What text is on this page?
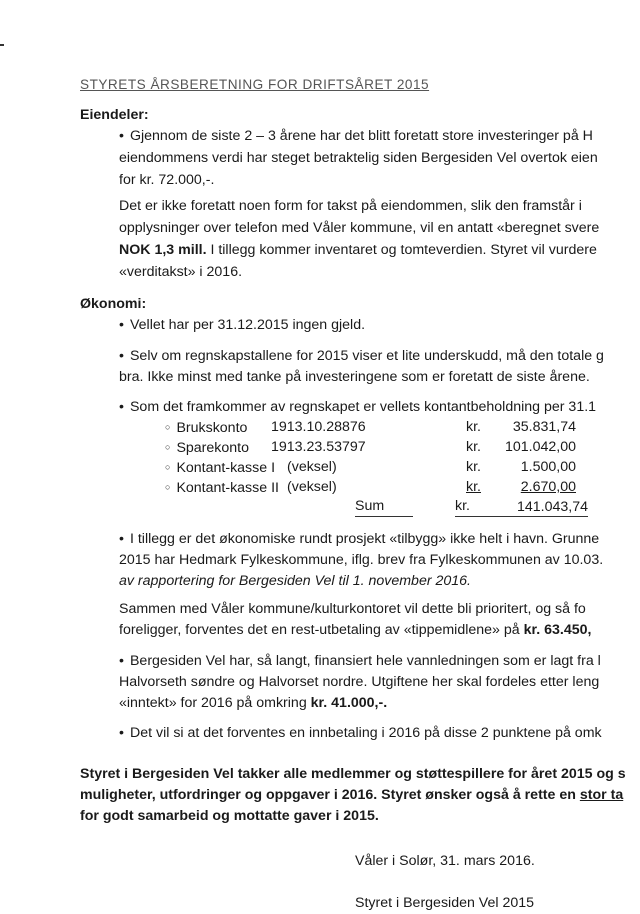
STYRETS ÅRSBERETNING FOR DRIFTSÅRET 2015
Eiendeler:
• Gjennom de siste 2 – 3 årene har det blitt foretatt store investeringer på H
eiendommens verdi har steget betraktelig siden Bergesiden Vel overtok eien
for kr. 72.000,-.
Det er ikke foretatt noen form for takst på eiendommen, slik den framstår i
opplysninger over telefon med Våler kommune, vil en antatt «beregnet svere
NOK 1,3 mill. I tillegg kommer inventaret og tomteverdien. Styret vil vurdere
«verditakst» i 2016.
Økonomi:
• Vellet har per 31.12.2015 ingen gjeld.
• Selv om regnskapstallene for 2015 viser et lite underskudd, må den totale g
bra. Ikke minst med tanke på investeringene som er foretatt de siste årene.
• Som det framkommer av regnskapet er vellets kontantbeholdning per 31.1
○ Brukskonto 1913.10.28876	kr.	35.831,74
○ Sparekonto 1913.23.53797	kr.	101.042,00
○ Kontant-kasse I (veksel)	kr.	1.500,00
○ Kontant-kasse II (veksel)	kr.	2.670,00
Sum	kr.	141.043,74
• I tillegg er det økonomiske rundt prosjekt «tilbygg» ikke helt i havn. Grunne
2015 har Hedmark Fylkeskommune, iflg. brev fra Fylkeskommunen av 10.03.
av rapportering for Bergesiden Vel til 1. november 2016.
Sammen med Våler kommune/kulturkontoret vil dette bli prioritert, og så fo
foreligger, forventes det en rest-utbetaling av «tippemidlene» på kr. 63.450,
• Bergesiden Vel har, så langt, finansiert hele vannledningen som er lagt fra l
Halvorseth søndre og Halvorset nordre. Utgiftene her skal fordeles etter leng
«inntekt» for 2016 på omkring kr. 41.000,-.
• Det vil si at det forventes en innbetaling i 2016 på disse 2 punktene på omk
Styret i Bergesiden Vel takker alle medlemmer og støttespillere for året 2015 og s
muligheter, utfordringer og oppgaver i 2016. Styret ønsker også å rette en stor ta
for godt samarbeid og mottatte gaver i 2015.
Våler i Solør, 31. mars 2016.
Styret i Bergesiden Vel 2015
